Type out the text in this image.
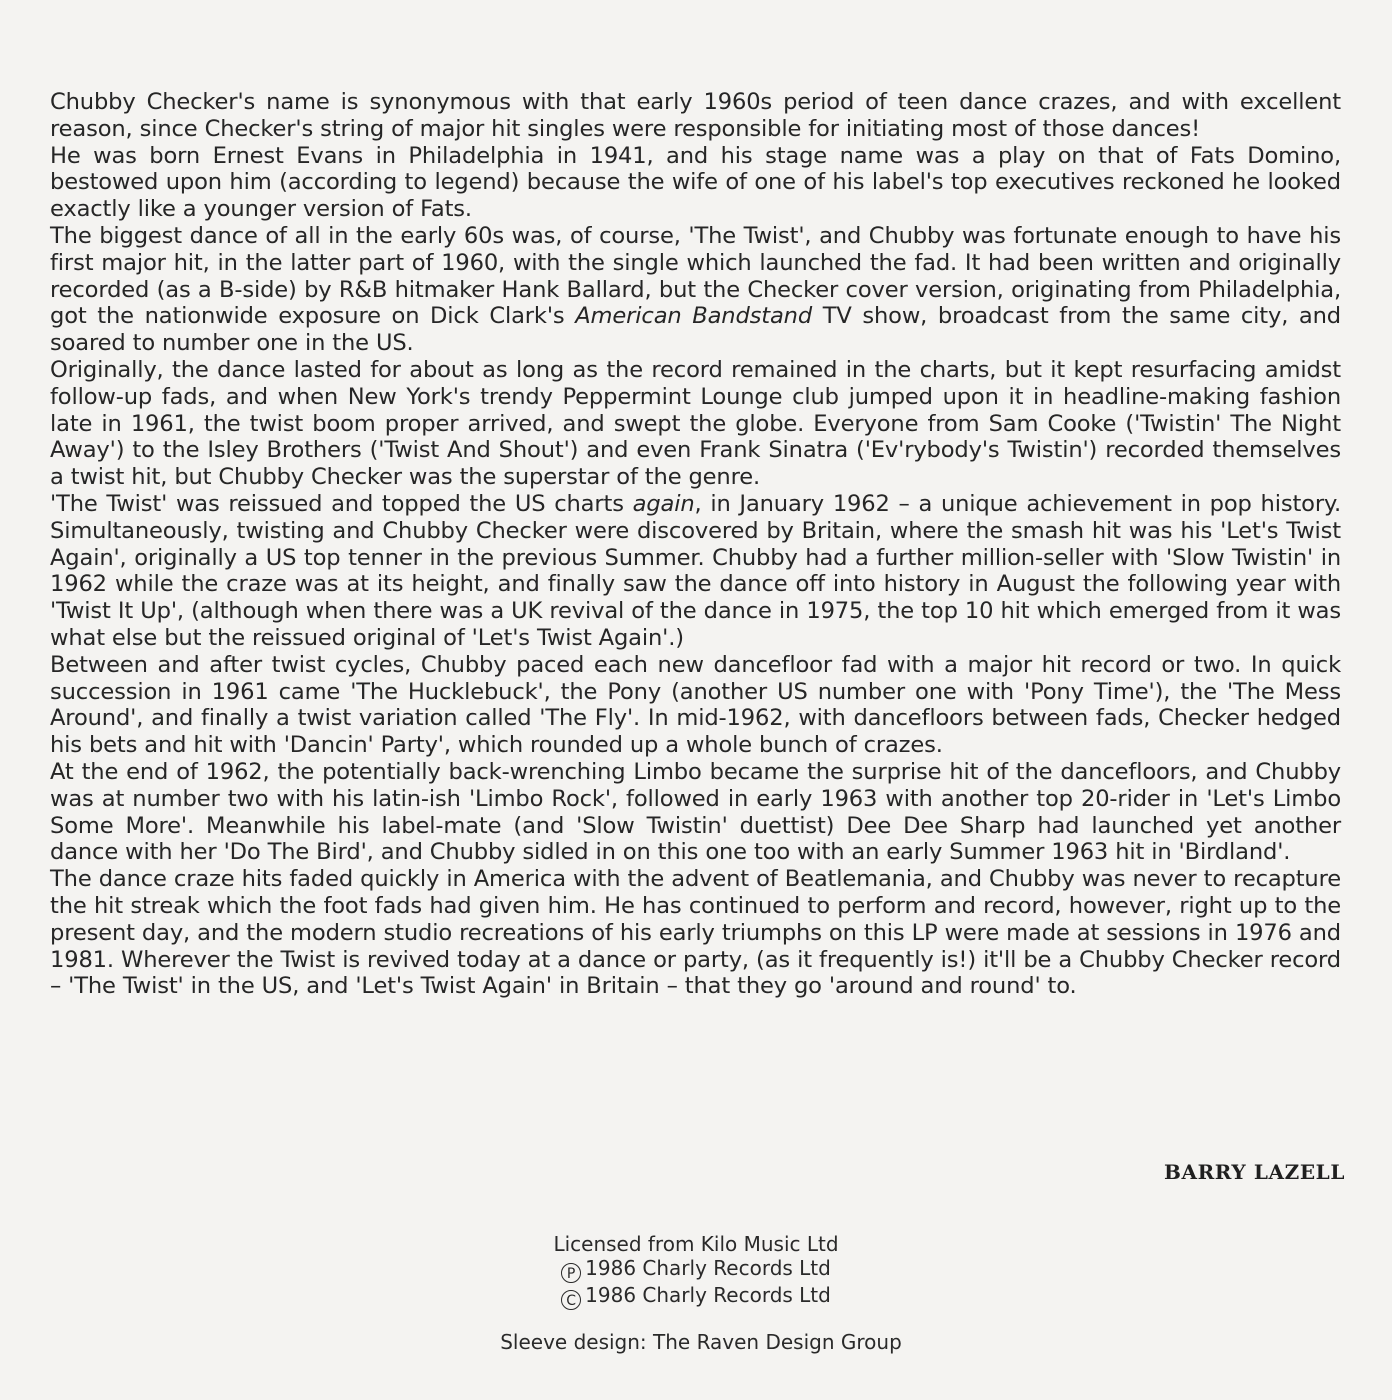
Chubby Checker's name is synonymous with that early 1960s period of teen dance crazes, and with excellent reason, since Checker's string of major hit singles were responsible for initiating most of those dances!

He was born Ernest Evans in Philadelphia in 1941, and his stage name was a play on that of Fats Domino, bestowed upon him (according to legend) because the wife of one of his label's top executives reckoned he looked exactly like a younger version of Fats.

The biggest dance of all in the early 60s was, of course, 'The Twist', and Chubby was fortunate enough to have his first major hit, in the latter part of 1960, with the single which launched the fad. It had been written and originally recorded (as a B-side) by R&B hitmaker Hank Ballard, but the Checker cover version, originating from Philadelphia, got the nationwide exposure on Dick Clark's American Bandstand TV show, broadcast from the same city, and soared to number one in the US.

Originally, the dance lasted for about as long as the record remained in the charts, but it kept resurfacing amidst follow-up fads, and when New York's trendy Peppermint Lounge club jumped upon it in headline-making fashion late in 1961, the twist boom proper arrived, and swept the globe. Everyone from Sam Cooke ('Twistin' The Night Away') to the Isley Brothers ('Twist And Shout') and even Frank Sinatra ('Ev'rybody's Twistin') recorded themselves a twist hit, but Chubby Checker was the superstar of the genre.

'The Twist' was reissued and topped the US charts again, in January 1962 – a unique achievement in pop history. Simultaneously, twisting and Chubby Checker were discovered by Britain, where the smash hit was his 'Let's Twist Again', originally a US top tenner in the previous Summer. Chubby had a further million-seller with 'Slow Twistin' in 1962 while the craze was at its height, and finally saw the dance off into history in August the following year with 'Twist It Up', (although when there was a UK revival of the dance in 1975, the top 10 hit which emerged from it was what else but the reissued original of 'Let's Twist Again'.)

Between and after twist cycles, Chubby paced each new dancefloor fad with a major hit record or two. In quick succession in 1961 came 'The Hucklebuck', the Pony (another US number one with 'Pony Time'), the 'The Mess Around', and finally a twist variation called 'The Fly'. In mid-1962, with dancefloors between fads, Checker hedged his bets and hit with 'Dancin' Party', which rounded up a whole bunch of crazes.

At the end of 1962, the potentially back-wrenching Limbo became the surprise hit of the dancefloors, and Chubby was at number two with his latin-ish 'Limbo Rock', followed in early 1963 with another top 20-rider in 'Let's Limbo Some More'. Meanwhile his label-mate (and 'Slow Twistin' duettist) Dee Dee Sharp had launched yet another dance with her 'Do The Bird', and Chubby sidled in on this one too with an early Summer 1963 hit in 'Birdland'.

The dance craze hits faded quickly in America with the advent of Beatlemania, and Chubby was never to recapture the hit streak which the foot fads had given him. He has continued to perform and record, however, right up to the present day, and the modern studio recreations of his early triumphs on this LP were made at sessions in 1976 and 1981. Wherever the Twist is revived today at a dance or party, (as it frequently is!) it'll be a Chubby Checker record – 'The Twist' in the US, and 'Let's Twist Again' in Britain – that they go 'around and round' to.

BARRY LAZELL
Licensed from Kilo Music Ltd
P 1986 Charly Records Ltd
C 1986 Charly Records Ltd
Sleeve design: The Raven Design Group
